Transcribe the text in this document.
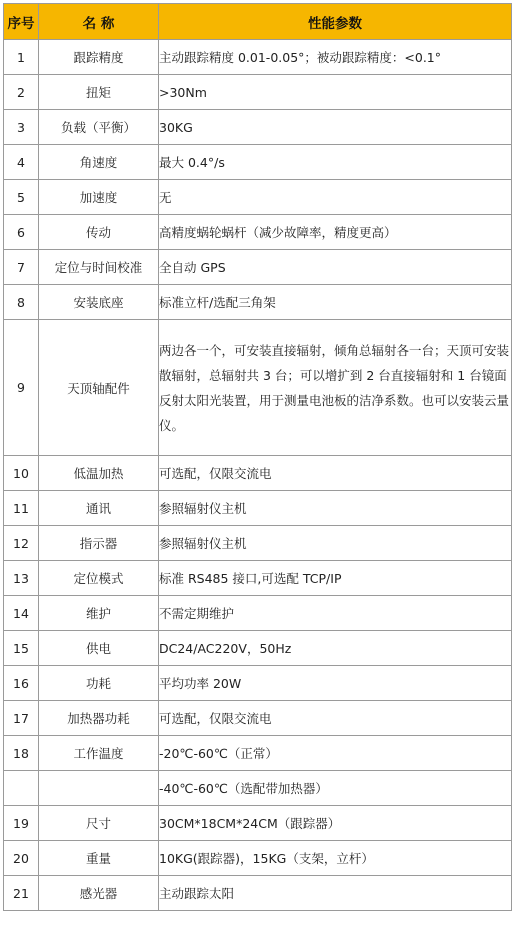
序号	名 称	性能参数
1	跟踪精度	主动跟踪精度 0.01-0.05°；被动跟踪精度：<0.1°
2	扭矩	>30Nm
3	负载（平衡）	30KG
4	角速度	最大 0.4°/s
5	加速度	无
6	传动	高精度蜗轮蜗杆（减少故障率，精度更高）
7	定位与时间校准	全自动 GPS
8	安装底座	标准立杆/选配三角架
9	天顶轴配件	两边各一个，可安装直接辐射，倾角总辐射各一台；天顶可安装散辐射，总辐射共 3 台；可以增扩到 2 台直接辐射和 1 台镜面反射太阳光装置，用于测量电池板的洁净系数。也可以安装云量仪。
10	低温加热	可选配，仅限交流电
11	通讯	参照辐射仪主机
12	指示器	参照辐射仪主机
13	定位模式	标准 RS485 接口,可选配 TCP/IP
14	维护	不需定期维护
15	供电	DC24/AC220V，50Hz
16	功耗	平均功率 20W
17	加热器功耗	可选配，仅限交流电
18	工作温度	-20℃-60℃（正常）
		-40℃-60℃（选配带加热器）
19	尺寸	30CM*18CM*24CM（跟踪器）
20	重量	10KG(跟踪器)，15KG（支架，立杆）
21	感光器	主动跟踪太阳
